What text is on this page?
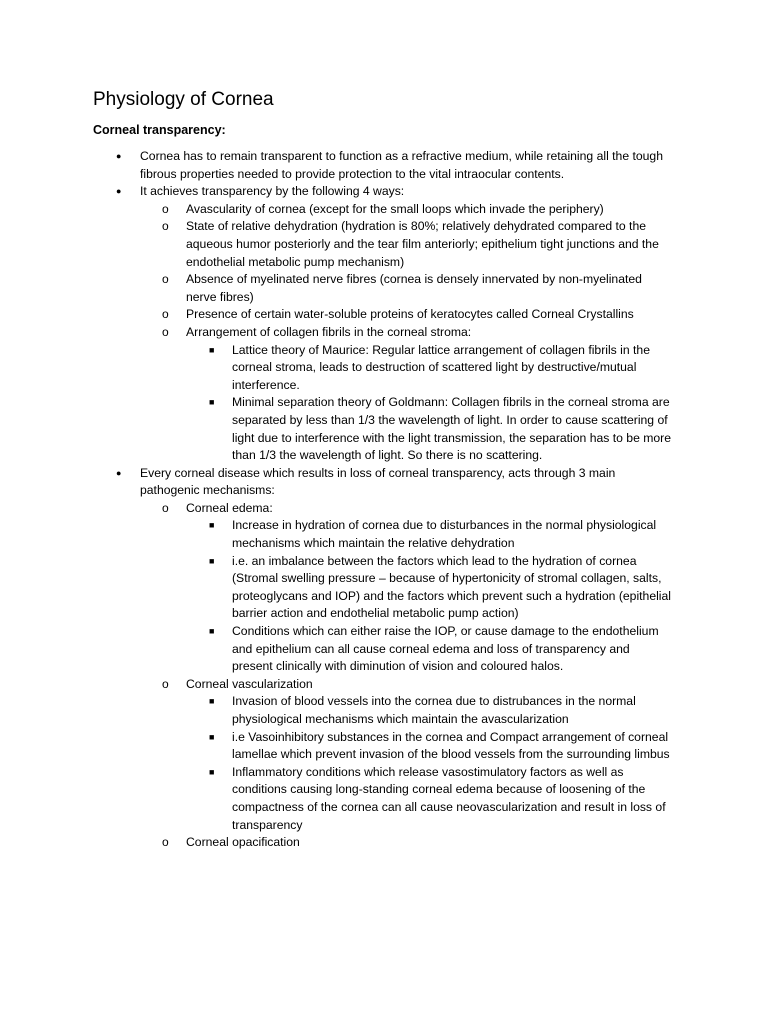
Physiology of Cornea
Corneal transparency:
● Cornea has to remain transparent to function as a refractive medium, while retaining all the tough fibrous properties needed to provide protection to the vital intraocular contents.
● It achieves transparency by the following 4 ways:
o Avascularity of cornea (except for the small loops which invade the periphery)
o State of relative dehydration (hydration is 80%; relatively dehydrated compared to the aqueous humor posteriorly and the tear film anteriorly; epithelium tight junctions and the endothelial metabolic pump mechanism)
o Absence of myelinated nerve fibres (cornea is densely innervated by non-myelinated nerve fibres)
o Presence of certain water-soluble proteins of keratocytes called Corneal Crystallins
o Arrangement of collagen fibrils in the corneal stroma:
■ Lattice theory of Maurice: Regular lattice arrangement of collagen fibrils in the corneal stroma, leads to destruction of scattered light by destructive/mutual interference.
■ Minimal separation theory of Goldmann: Collagen fibrils in the corneal stroma are separated by less than 1/3 the wavelength of light. In order to cause scattering of light due to interference with the light transmission, the separation has to be more than 1/3 the wavelength of light. So there is no scattering.
● Every corneal disease which results in loss of corneal transparency, acts through 3 main pathogenic mechanisms:
o Corneal edema:
■ Increase in hydration of cornea due to disturbances in the normal physiological mechanisms which maintain the relative dehydration
■ i.e. an imbalance between the factors which lead to the hydration of cornea (Stromal swelling pressure – because of hypertonicity of stromal collagen, salts, proteoglycans and IOP) and the factors which prevent such a hydration (epithelial barrier action and endothelial metabolic pump action)
■ Conditions which can either raise the IOP, or cause damage to the endothelium and epithelium can all cause corneal edema and loss of transparency and present clinically with diminution of vision and coloured halos.
o Corneal vascularization
■ Invasion of blood vessels into the cornea due to distrubances in the normal physiological mechanisms which maintain the avascularization
■ i.e Vasoinhibitory substances in the cornea and Compact arrangement of corneal lamellae which prevent invasion of the blood vessels from the surrounding limbus
■ Inflammatory conditions which release vasostimulatory factors as well as conditions causing long-standing corneal edema because of loosening of the compactness of the cornea can all cause neovascularization and result in loss of transparency
o Corneal opacification
